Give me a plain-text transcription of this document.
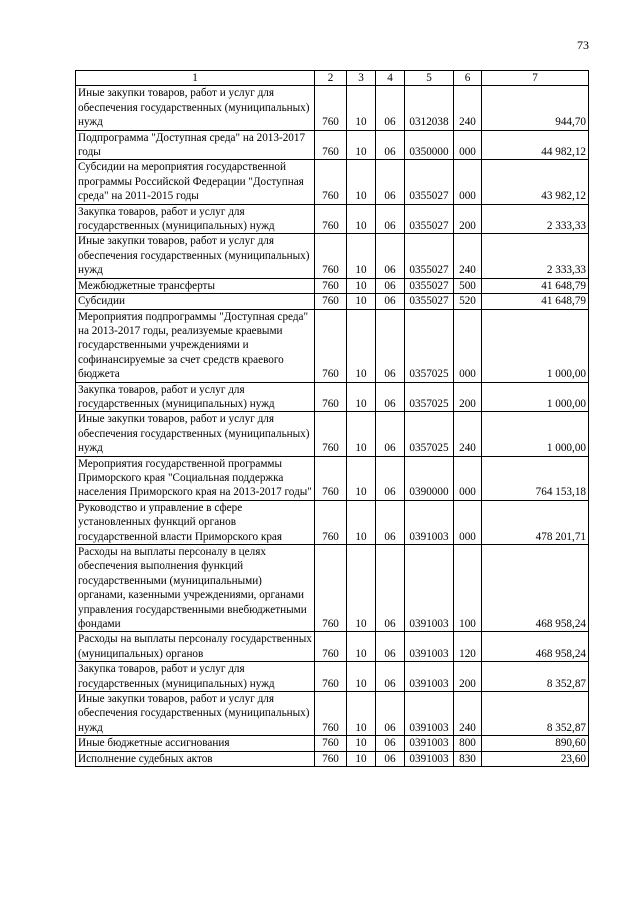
73
1	2	3	4	5	6	7
Иные закупки товаров, работ и услуг для обеспечения государственных (муниципальных) нужд	760	10	06	0312038	240	944,70
Подпрограмма "Доступная среда" на 2013-2017 годы	760	10	06	0350000	000	44 982,12
Субсидии на мероприятия государственной программы Российской Федерации "Доступная среда" на 2011-2015 годы	760	10	06	0355027	000	43 982,12
Закупка товаров, работ и услуг для государственных (муниципальных) нужд	760	10	06	0355027	200	2 333,33
Иные закупки товаров, работ и услуг для обеспечения государственных (муниципальных) нужд	760	10	06	0355027	240	2 333,33
Межбюджетные трансферты	760	10	06	0355027	500	41 648,79
Субсидии	760	10	06	0355027	520	41 648,79
Мероприятия подпрограммы "Доступная среда" на 2013-2017 годы, реализуемые краевыми государственными учреждениями и софинансируемые за счет средств краевого бюджета	760	10	06	0357025	000	1 000,00
Закупка товаров, работ и услуг для государственных (муниципальных) нужд	760	10	06	0357025	200	1 000,00
Иные закупки товаров, работ и услуг для обеспечения государственных (муниципальных) нужд	760	10	06	0357025	240	1 000,00
Мероприятия государственной программы Приморского края "Социальная поддержка населения Приморского края на 2013-2017 годы"	760	10	06	0390000	000	764 153,18
Руководство и управление в сфере установленных функций органов государственной власти Приморского края	760	10	06	0391003	000	478 201,71
Расходы на выплаты персоналу в целях обеспечения выполнения функций государственными (муниципальными) органами, казенными учреждениями, органами управления государственными внебюджетными фондами	760	10	06	0391003	100	468 958,24
Расходы на выплаты персоналу государственных (муниципальных) органов	760	10	06	0391003	120	468 958,24
Закупка товаров, работ и услуг для государственных (муниципальных) нужд	760	10	06	0391003	200	8 352,87
Иные закупки товаров, работ и услуг для обеспечения государственных (муниципальных) нужд	760	10	06	0391003	240	8 352,87
Иные бюджетные ассигнования	760	10	06	0391003	800	890,60
Исполнение судебных актов	760	10	06	0391003	830	23,60
